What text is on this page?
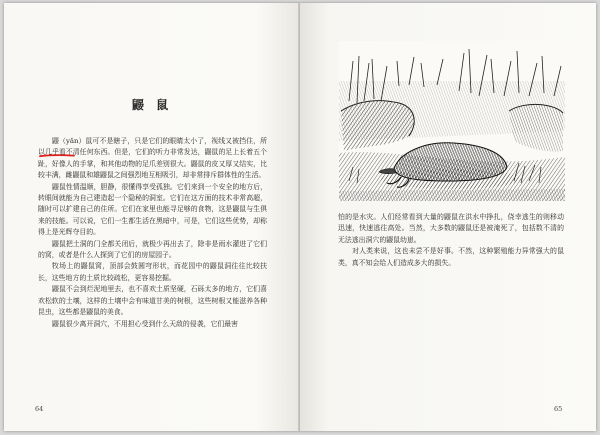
鼹 鼠

鼹（yǎn）鼠可不是瞎子，只是它们的眼睛太小了，视线又被挡住，所以几乎看不清任何东西。但是，它们的听力非常发达，鼹鼠的足上长着五个趾，好像人的手掌，和其他动物的足爪差别很大。鼹鼠的皮又厚又结实，比较丰满，雌鼹鼠和雄鼹鼠之间强烈地互相吸引，却非常排斥群体性的生活。

鼹鼠性情温顺，胆静，很懂得享受孤独。它们来到一个安全的地方后，转眼间就能为自己建造起一个隐秘的洞室。它们在这方面的技术非常高超，随时可以扩建自己的住所。它们在家里也能寻足够的食物，这是鼹鼠与生俱来的技能。可以说，它们一生都生活在黑暗中，可是，它们这些优势，却称得上是光辉夺目的。

鼹鼠把土洞的门全都关闭后，就极少再出去了，除非是雨水灌进了它们的窝，或者是什么人探到了它们的房屋园子。

牧场上的鼹鼠窝，顶部会鼓圆穹形状，而花园中的鼹鼠洞往往比较扶长，这些地方的土质比较疏松，更容易挖掘。

鼹鼠不会到烂泥地里去，也不喜欢土质坚硬，石砾太多的地方，它们喜欢松软的土壤，这样的土壤中会有味道甘美的树根，这些树根又能滋养各种昆虫，这些都是鼹鼠的美食。

鼹鼠很少离开洞穴，不用担心受到什么天敌的侵袭，它们最害

64

怕的是水灾。人们经常看到大量的鼹鼠在洪水中挣扎，侥幸逃生的则移动迅速，快速逃往高处。当然，大多数的鼹鼠还是被淹死了，包括数不清的无法逃出洞穴的鼹鼠幼崽。

对人类来说，这也未尝不是好事。不然，这种繁殖能力异常强大的鼠类，真不知会给人们造成多大的损失。

65
